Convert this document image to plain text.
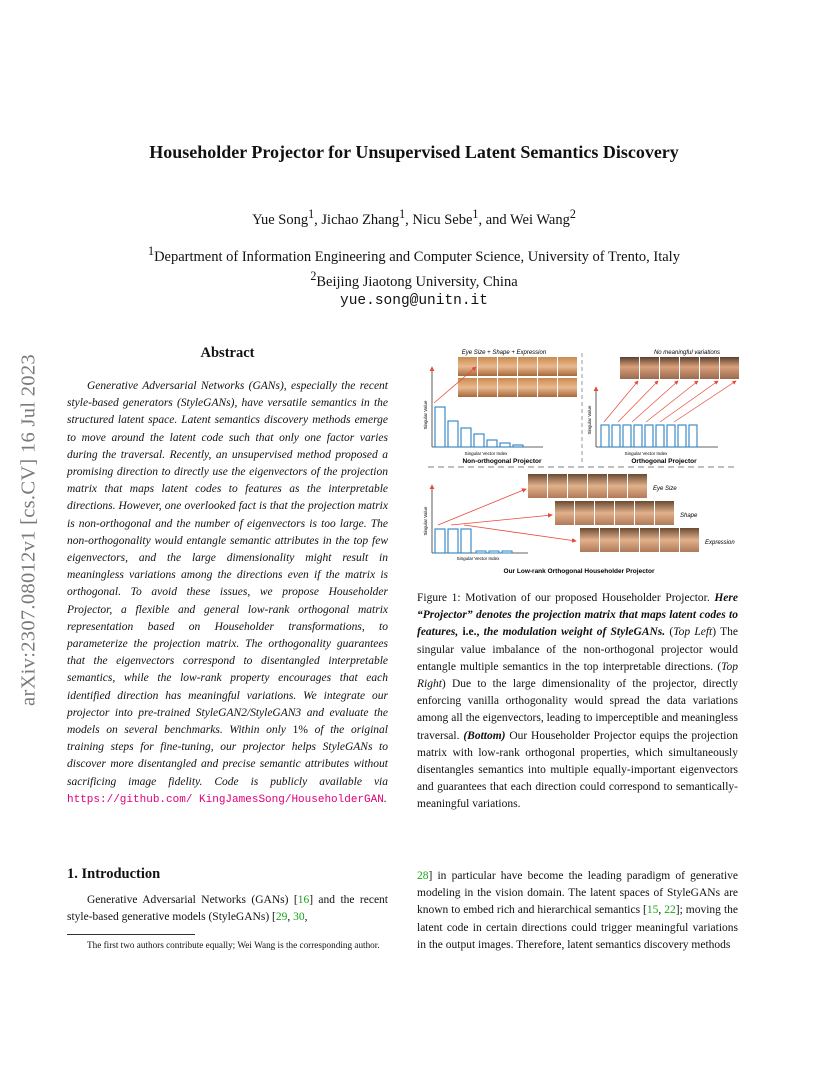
arXiv:2307.08012v1 [cs.CV] 16 Jul 2023
Householder Projector for Unsupervised Latent Semantics Discovery
Yue Song$^1$, Jichao Zhang$^1$, Nicu Sebe$^1$, and Wei Wang$^2$
$^1$Department of Information Engineering and Computer Science, University of Trento, Italy
$^2$Beijing Jiaotong University, China
yue.song@unitn.it
Abstract

Generative Adversarial Networks (GANs), especially the recent style-based generators (StyleGANs), have versatile semantics in the structured latent space. Latent semantics discovery methods emerge to move around the latent code such that only one factor varies during the traversal. Recently, an unsupervised method proposed a promising direction to directly use the eigenvectors of the projection matrix that maps latent codes to features as the interpretable directions. However, one overlooked fact is that the projection matrix is non-orthogonal and the number of eigenvectors is too large. The non-orthogonality would entangle semantic attributes in the top few eigenvectors, and the large dimensionality might result in meaningless variations among the directions even if the matrix is orthogonal. To avoid these issues, we propose Householder Projector, a flexible and general low-rank orthogonal matrix representation based on Householder transformations, to parameterize the projection matrix. The orthogonality guarantees that the eigenvectors correspond to disentangled interpretable semantics, while the low-rank property encourages that each identified direction has meaningful variations. We integrate our projector into pre-trained StyleGAN2/StyleGAN3 and evaluate the models on several benchmarks. Within only 1% of the original training steps for fine-tuning, our projector helps StyleGANs to discover more disentangled and precise semantic attributes without sacrificing image fidelity. Code is publicly available via https://github.com/ KingJamesSong/HouseholderGAN.

1. Introduction

Generative Adversarial Networks (GANs) [16] and the recent style-based generative models (StyleGANs) [29, 30,

The first two authors contribute equally; Wei Wang is the corresponding author.

Eye Size + Shape + Expression	No meaningful variations
Singular Value
Singular Vector Index
Non-orthogonal Projector
Singular Value
Singular Vector Index
Orthogonal Projector
Singular Value
Singular Vector Index
Eye Size
Shape
Expression
Our Low-rank Orthogonal Householder Projector

Figure 1: Motivation of our proposed Householder Projector. Here “Projector” denotes the projection matrix that maps latent codes to features, i.e., the modulation weight of StyleGANs. (Top Left) The singular value imbalance of the non-orthogonal projector would entangle multiple semantics in the top interpretable directions. (Top Right) Due to the large dimensionality of the projector, directly enforcing vanilla orthogonality would spread the data variations among all the eigenvectors, leading to imperceptible and meaningless traversal. (Bottom) Our Householder Projector equips the projection matrix with low-rank orthogonal properties, which simultaneously disentangles semantics into multiple equally-important eigenvectors and guarantees that each direction could correspond to semantically-meaningful variations.

28] in particular have become the leading paradigm of generative modeling in the vision domain. The latent spaces of StyleGANs are known to embed rich and hierarchical semantics [15, 22]; moving the latent code in certain directions could trigger meaningful variations in the output images. Therefore, latent semantics discovery methods
